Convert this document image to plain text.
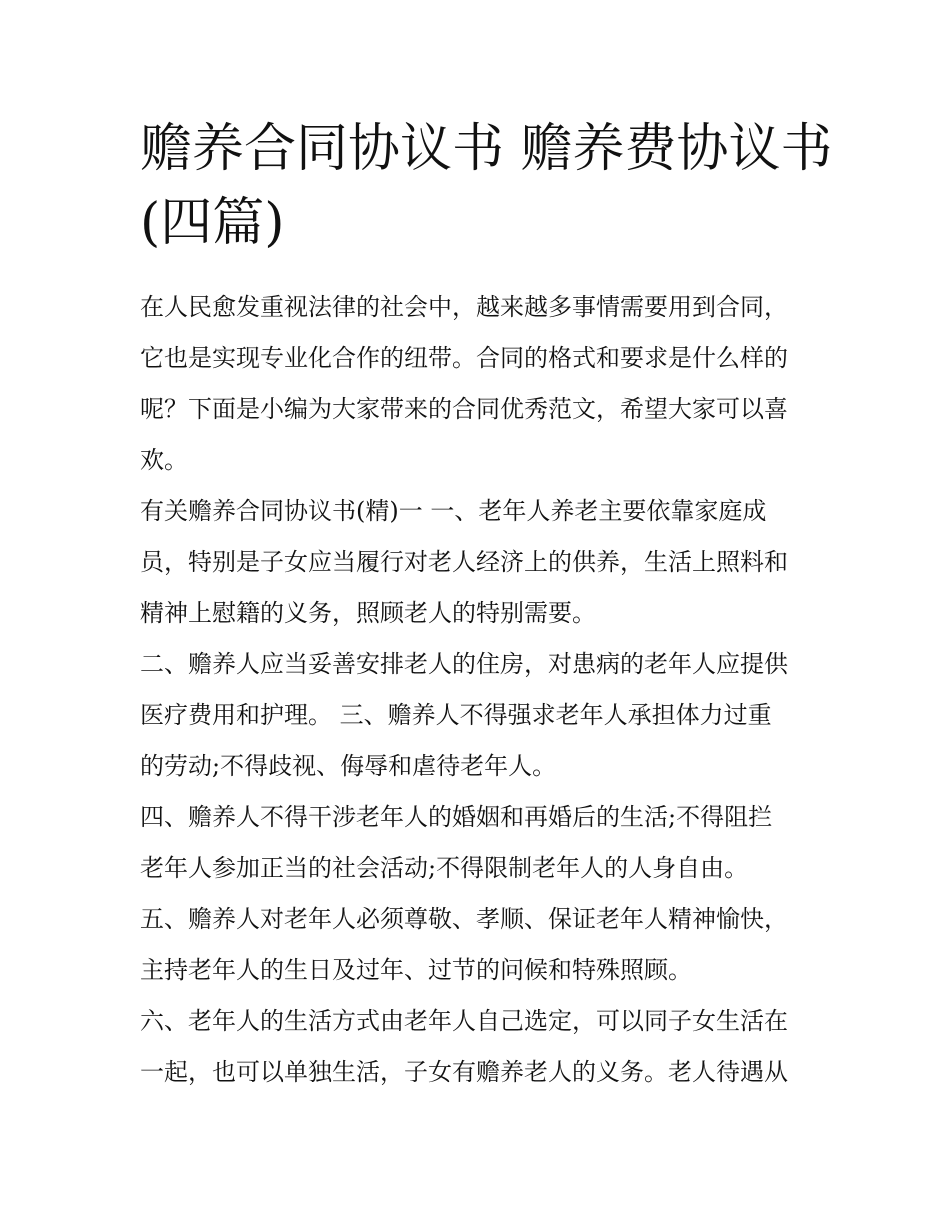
赡养合同协议书 赡养费协议书
(四篇)

在人民愈发重视法律的社会中，越来越多事情需要用到合同，
它也是实现专业化合作的纽带。合同的格式和要求是什么样的
呢？下面是小编为大家带来的合同优秀范文，希望大家可以喜
欢。

有关赡养合同协议书(精)一 一、老年人养老主要依靠家庭成
员，特别是子女应当履行对老人经济上的供养，生活上照料和
精神上慰籍的义务，照顾老人的特别需要。

二、赡养人应当妥善安排老人的住房，对患病的老年人应提供
医疗费用和护理。 三、赡养人不得强求老年人承担体力过重
的劳动;不得歧视、侮辱和虐待老年人。

四、赡养人不得干涉老年人的婚姻和再婚后的生活;不得阻拦
老年人参加正当的社会活动;不得限制老年人的人身自由。

五、赡养人对老年人必须尊敬、孝顺、保证老年人精神愉快，
主持老年人的生日及过年、过节的问候和特殊照顾。

六、老年人的生活方式由老年人自己选定，可以同子女生活在
一起，也可以单独生活，子女有赡养老人的义务。老人待遇从
